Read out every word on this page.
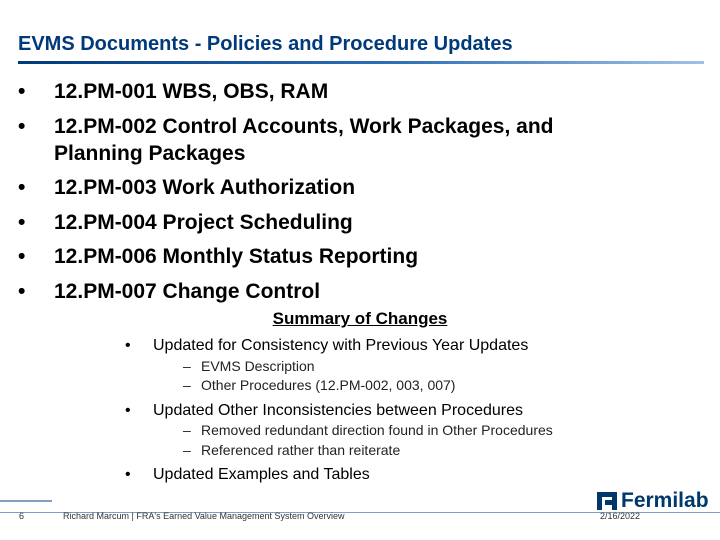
EVMS Documents - Policies and Procedure Updates
•	12.PM-001 WBS, OBS, RAM
•	12.PM-002 Control Accounts, Work Packages, and
Planning Packages
•	12.PM-003 Work Authorization
•	12.PM-004 Project Scheduling
•	12.PM-006 Monthly Status Reporting
•	12.PM-007 Change Control
Summary of Changes
• Updated for Consistency with Previous Year Updates
– EVMS Description
– Other Procedures (12.PM-002, 003, 007)
• Updated Other Inconsistencies between Procedures
– Removed redundant direction found in Other Procedures
– Referenced rather than reiterate
• Updated Examples and Tables
6	Richard Marcum | FRA's Earned Value Management System Overview	2/16/2022
Fermilab
